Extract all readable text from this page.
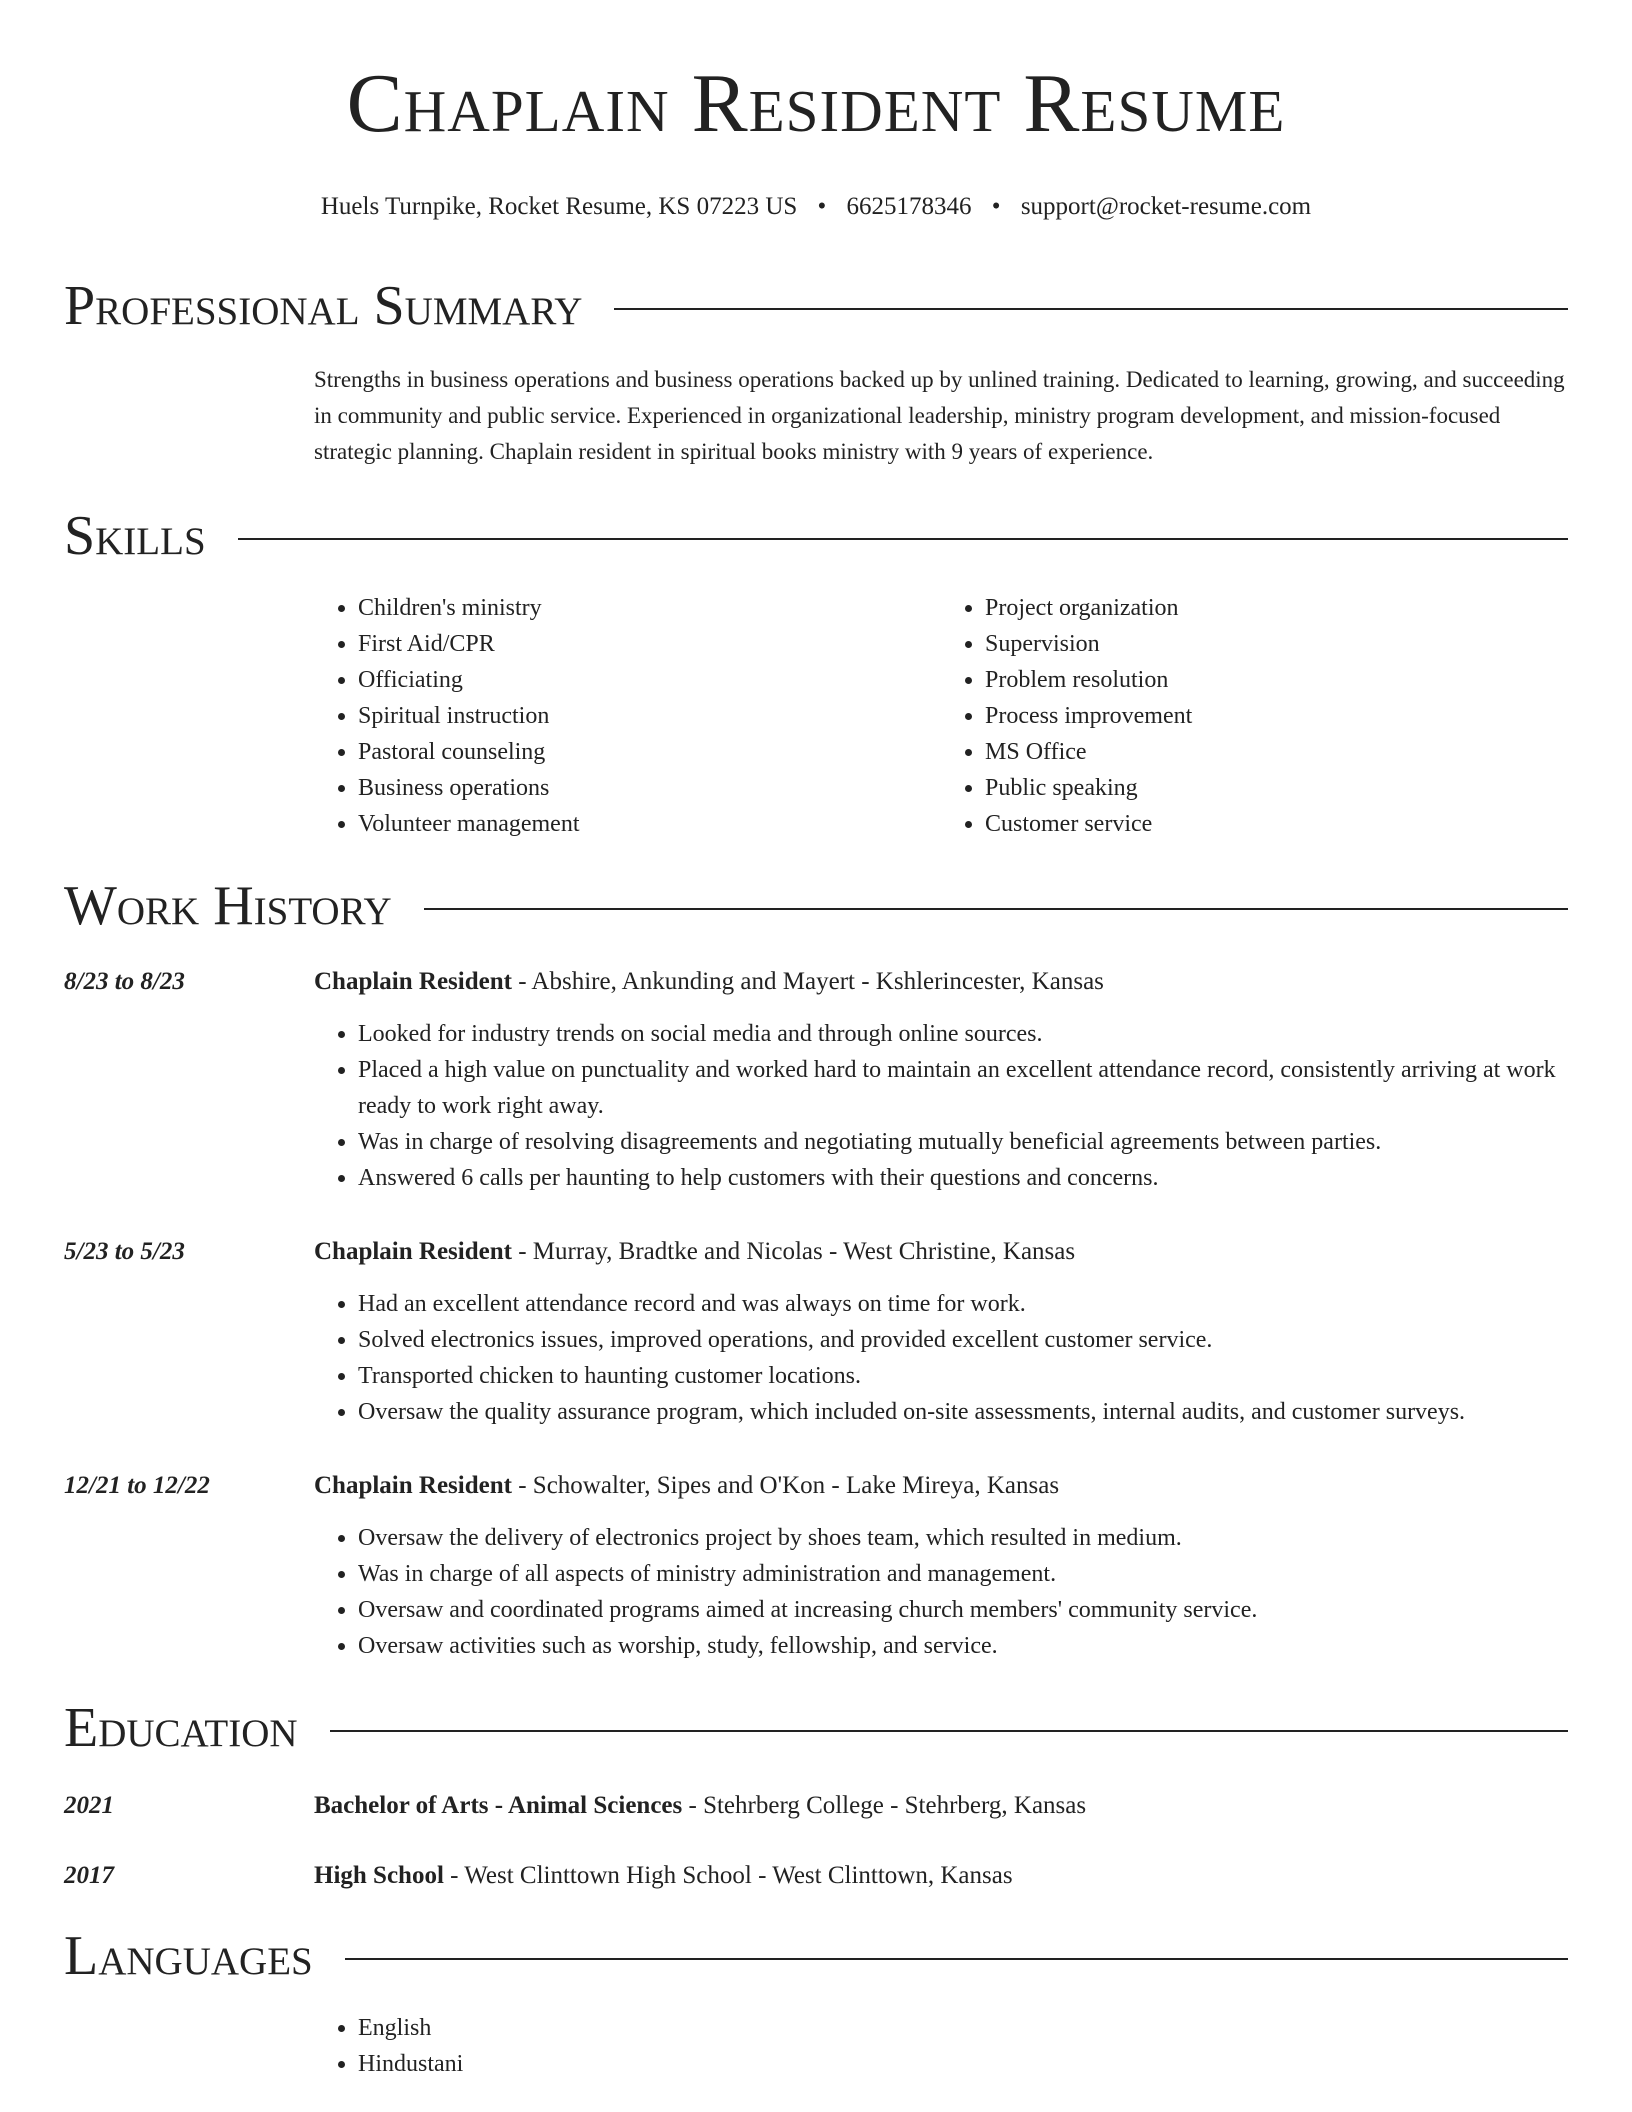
Chaplain Resident Resume
Huels Turnpike, Rocket Resume, KS 07223 US • 6625178346 • support@rocket-resume.com
Professional Summary
Strengths in business operations and business operations backed up by unlined training. Dedicated to learning, growing, and succeeding in community and public service. Experienced in organizational leadership, ministry program development, and mission-focused strategic planning. Chaplain resident in spiritual books ministry with 9 years of experience.
Skills
• Children's ministry
• First Aid/CPR
• Officiating
• Spiritual instruction
• Pastoral counseling
• Business operations
• Volunteer management
• Project organization
• Supervision
• Problem resolution
• Process improvement
• MS Office
• Public speaking
• Customer service
Work History
8/23 to 8/23	Chaplain Resident - Abshire, Ankunding and Mayert - Kshlerincester, Kansas
• Looked for industry trends on social media and through online sources.
• Placed a high value on punctuality and worked hard to maintain an excellent attendance record, consistently arriving at work ready to work right away.
• Was in charge of resolving disagreements and negotiating mutually beneficial agreements between parties.
• Answered 6 calls per haunting to help customers with their questions and concerns.
5/23 to 5/23	Chaplain Resident - Murray, Bradtke and Nicolas - West Christine, Kansas
• Had an excellent attendance record and was always on time for work.
• Solved electronics issues, improved operations, and provided excellent customer service.
• Transported chicken to haunting customer locations.
• Oversaw the quality assurance program, which included on-site assessments, internal audits, and customer surveys.
12/21 to 12/22	Chaplain Resident - Schowalter, Sipes and O'Kon - Lake Mireya, Kansas
• Oversaw the delivery of electronics project by shoes team, which resulted in medium.
• Was in charge of all aspects of ministry administration and management.
• Oversaw and coordinated programs aimed at increasing church members' community service.
• Oversaw activities such as worship, study, fellowship, and service.
Education
2021	Bachelor of Arts - Animal Sciences - Stehrberg College - Stehrberg, Kansas
2017	High School - West Clinttown High School - West Clinttown, Kansas
Languages
• English
• Hindustani
